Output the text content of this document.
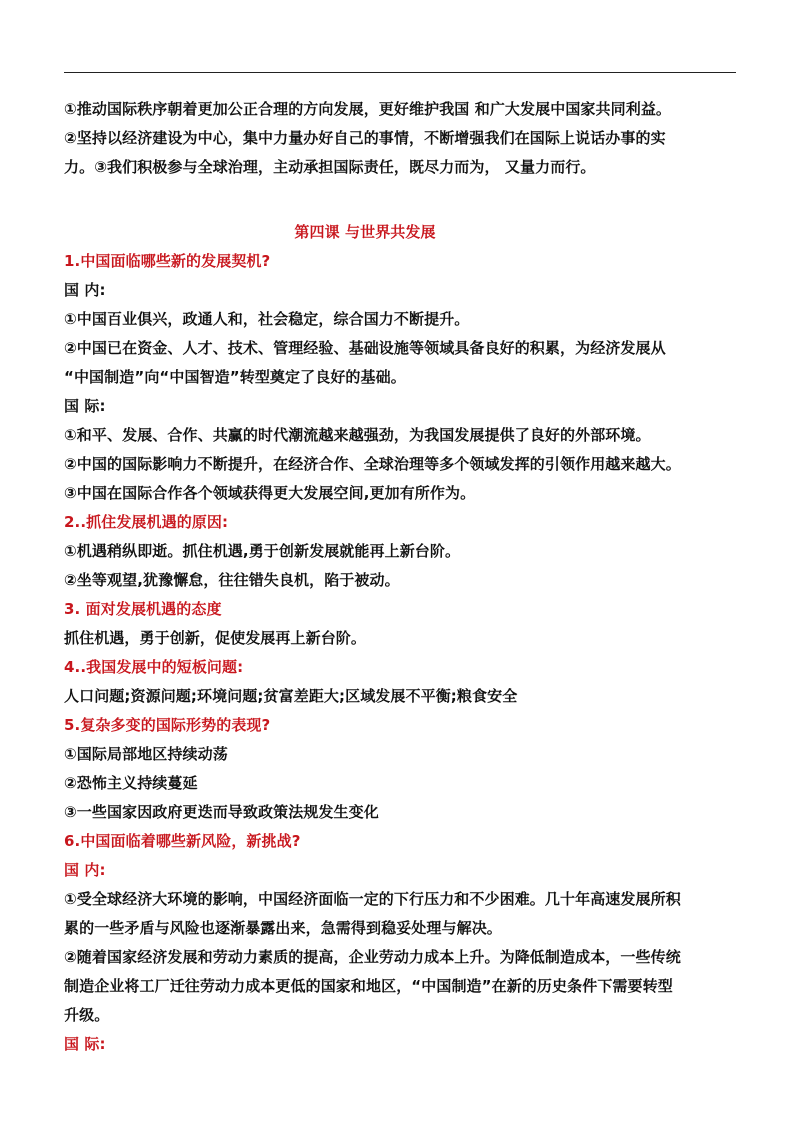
①推动国际秩序朝着更加公正合理的方向发展，更好维护我国 和广大发展中国家共同利益。

②坚持以经济建设为中心，集中力量办好自己的事情，不断增强我们在国际上说话办事的实

力。③我们积极参与全球治理，主动承担国际责任，既尽力而为， 又量力而行。

第四课 与世界共发展

1.中国面临哪些新的发展契机?

国 内:

①中国百业俱兴，政通人和，社会稳定，综合国力不断提升。

②中国已在资金、人才、技术、管理经验、基础设施等领域具备良好的积累，为经济发展从

“中国制造”向“中国智造”转型奠定了良好的基础。

国 际:

①和平、发展、合作、共赢的时代潮流越来越强劲，为我国发展提供了良好的外部环境。

②中国的国际影响力不断提升，在经济合作、全球治理等多个领域发挥的引领作用越来越大。

③中国在国际合作各个领域获得更大发展空间,更加有所作为。

2..抓住发展机遇的原因:

①机遇稍纵即逝。抓住机遇,勇于创新发展就能再上新台阶。

②坐等观望,犹豫懈怠，往往错失良机，陷于被动。

3. 面对发展机遇的态度

抓住机遇，勇于创新，促使发展再上新台阶。

4..我国发展中的短板问题:

人口问题;资源问题;环境问题;贫富差距大;区域发展不平衡;粮食安全

5.复杂多变的国际形势的表现?

①国际局部地区持续动荡

②恐怖主义持续蔓延

③一些国家因政府更迭而导致政策法规发生变化

6.中国面临着哪些新风险，新挑战?

国 内:

①受全球经济大环境的影响，中国经济面临一定的下行压力和不少困难。几十年高速发展所积

累的一些矛盾与风险也逐渐暴露出来，急需得到稳妥处理与解决。

②随着国家经济发展和劳动力素质的提高，企业劳动力成本上升。为降低制造成本，一些传统

制造企业将工厂迁往劳动力成本更低的国家和地区，“中国制造”在新的历史条件下需要转型

升级。

国 际:
